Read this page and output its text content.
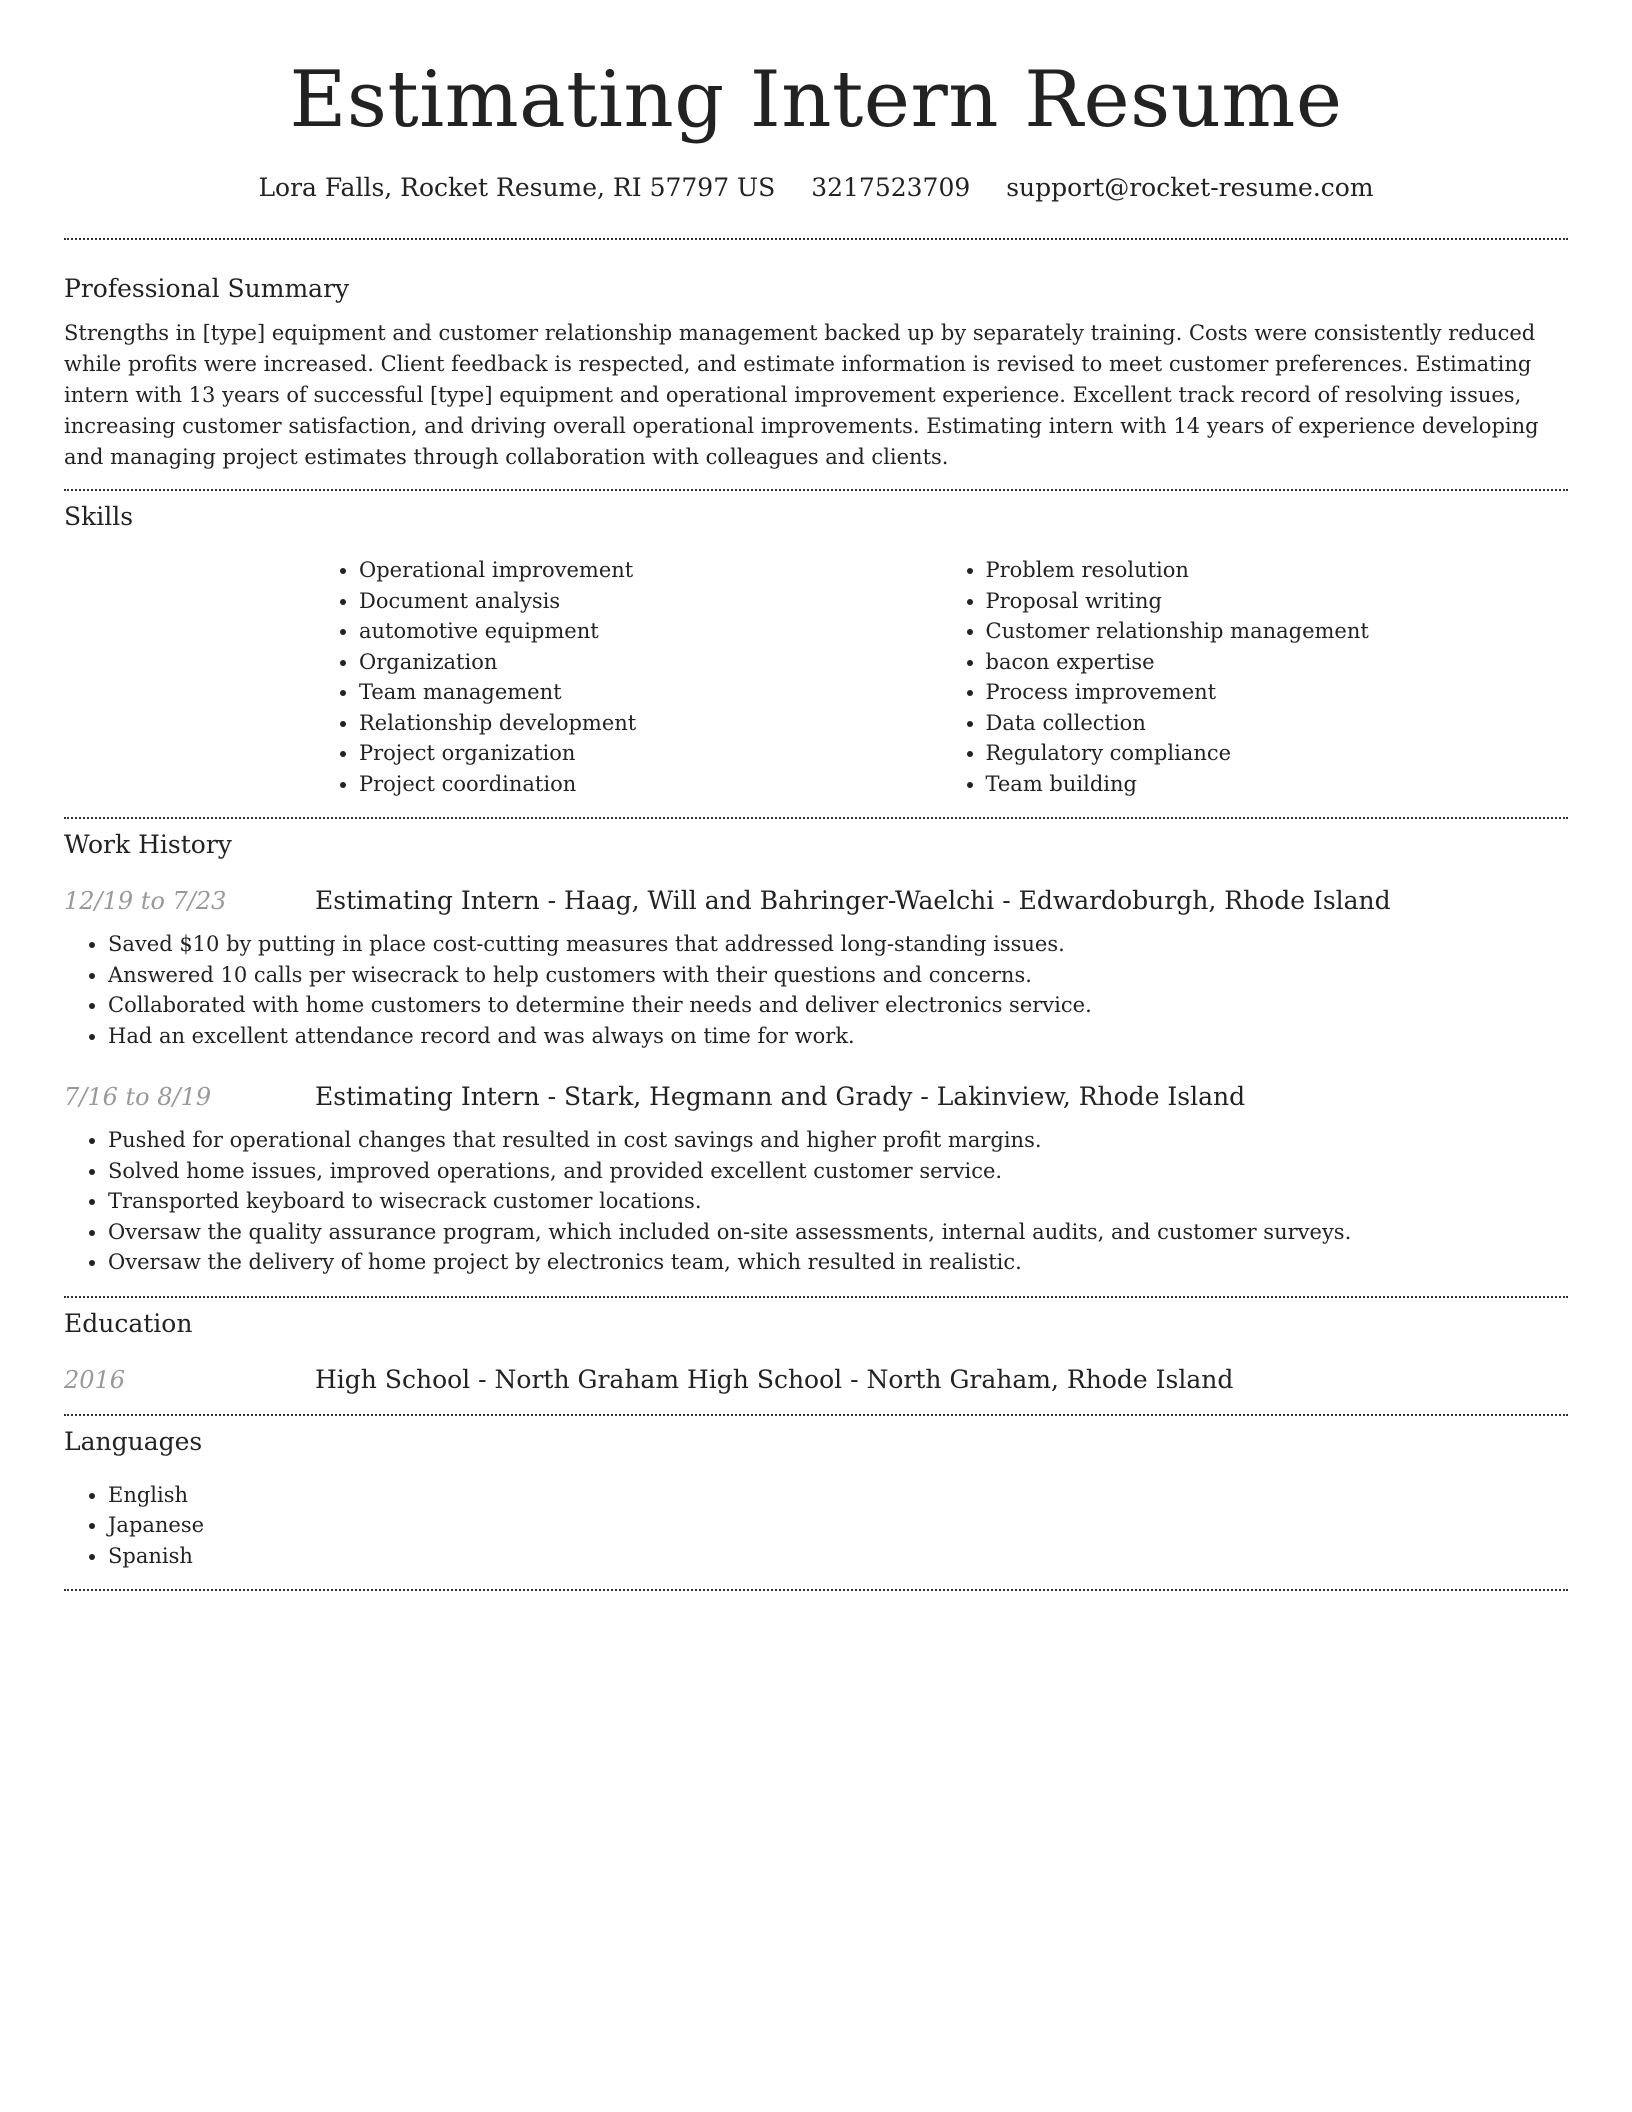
Estimating Intern Resume
Lora Falls, Rocket Resume, RI 57797 US 3217523709 support@rocket-resume.com
Professional Summary

Strengths in [type] equipment and customer relationship management backed up by separately training. Costs were consistently reduced while profits were increased. Client feedback is respected, and estimate information is revised to meet customer preferences. Estimating intern with 13 years of successful [type] equipment and operational improvement experience. Excellent track record of resolving issues, increasing customer satisfaction, and driving overall operational improvements. Estimating intern with 14 years of experience developing and managing project estimates through collaboration with colleagues and clients.

Skills
• Operational improvement
• Document analysis
• automotive equipment
• Organization
• Team management
• Relationship development
• Project organization
• Project coordination
• Problem resolution
• Proposal writing
• Customer relationship management
• bacon expertise
• Process improvement
• Data collection
• Regulatory compliance
• Team building
Work History
12/19 to 7/23	Estimating Intern - Haag, Will and Bahringer-Waelchi - Edwardoburgh, Rhode Island
• Saved $10 by putting in place cost-cutting measures that addressed long-standing issues.
• Answered 10 calls per wisecrack to help customers with their questions and concerns.
• Collaborated with home customers to determine their needs and deliver electronics service.
• Had an excellent attendance record and was always on time for work.
7/16 to 8/19	Estimating Intern - Stark, Hegmann and Grady - Lakinview, Rhode Island
• Pushed for operational changes that resulted in cost savings and higher profit margins.
• Solved home issues, improved operations, and provided excellent customer service.
• Transported keyboard to wisecrack customer locations.
• Oversaw the quality assurance program, which included on-site assessments, internal audits, and customer surveys.
• Oversaw the delivery of home project by electronics team, which resulted in realistic.
Education
2016	High School - North Graham High School - North Graham, Rhode Island
Languages
• English
• Japanese
• Spanish
